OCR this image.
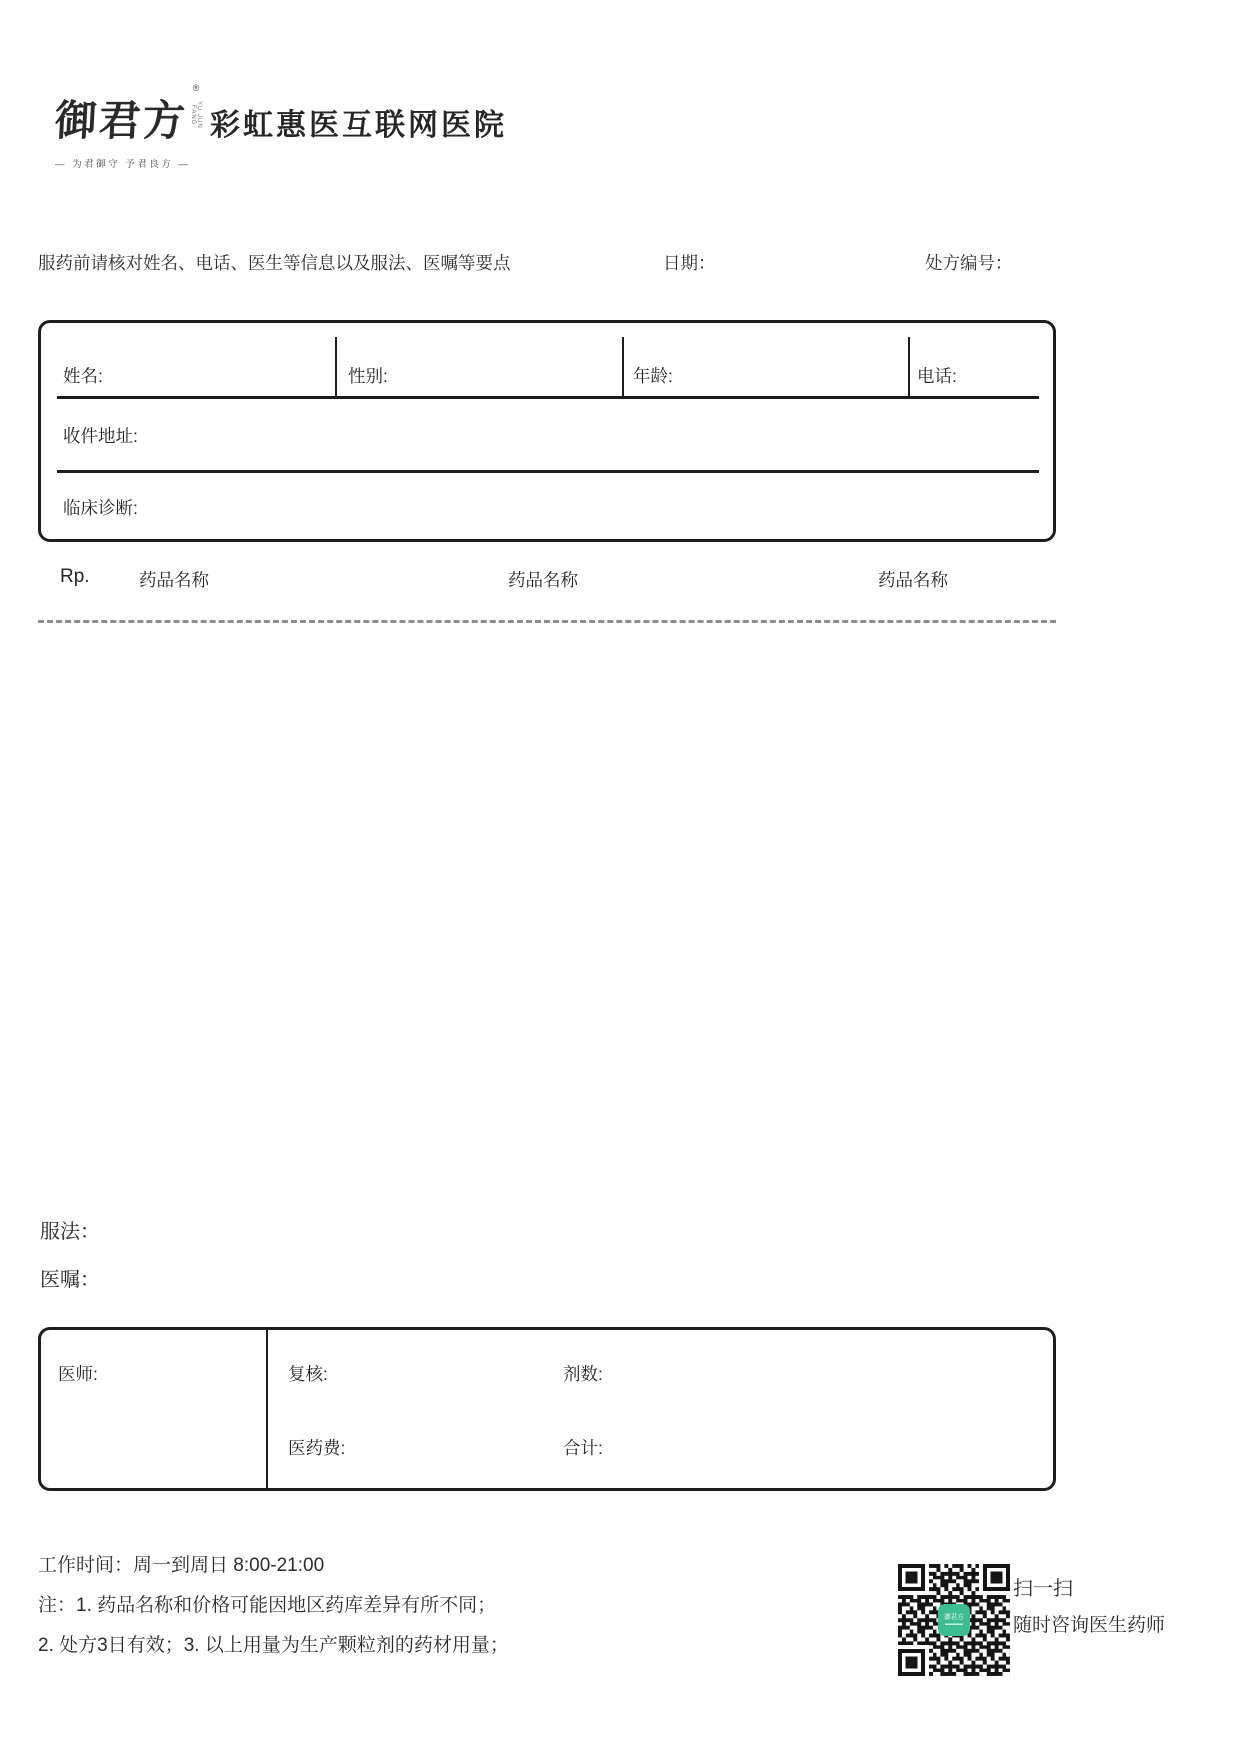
御君方
®
YU JUN FANG
— 为君御守 予君良方 —
彩虹惠医互联网医院
服药前请核对姓名、电话、医生等信息以及服法、医嘱等要点	日期：	处方编号：
姓名:	性别:	年龄:	电话:
收件地址:
临床诊断:
Rp.	药品名称	药品名称	药品名称
服法：
医嘱：
医师:	复核:	剂数:
医药费:	合计:
工作时间：周一到周日 8:00-21:00
注：1. 药品名称和价格可能因地区药库差异有所不同；
2. 处方3日有效；3. 以上用量为生产颗粒剂的药材用量；
御君方
扫一扫
随时咨询医生药师
